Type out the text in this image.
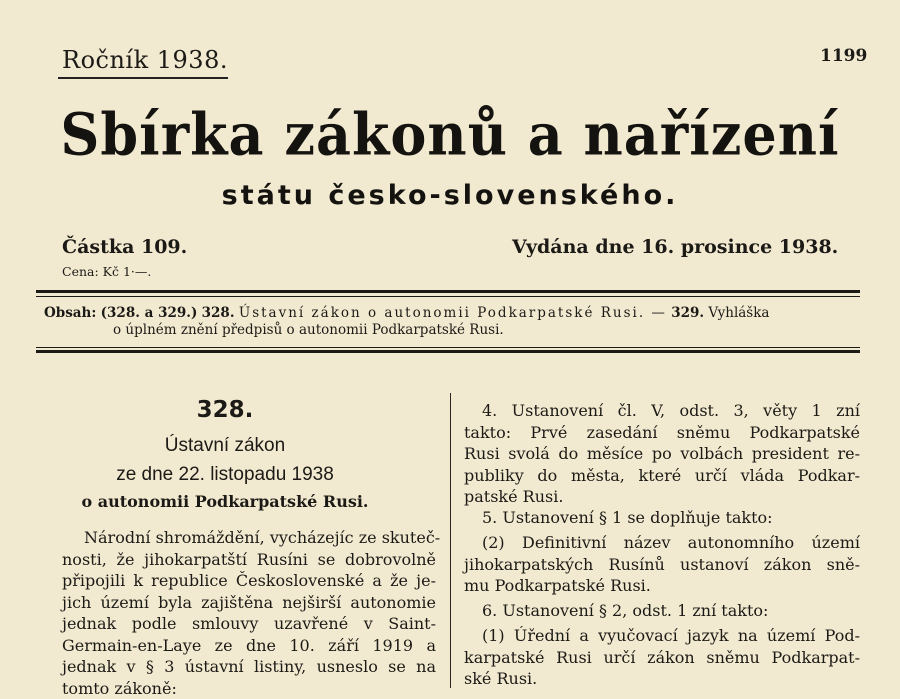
Ročník 1938.	1199
Sbírka zákonů a nařízení
státu česko-slovenského.
Částka 109.
Cena: Kč 1·—.
Vydána dne 16. prosince 1938.
Obsah: (328. a 329.) 328. Ústavní zákon o autonomii Podkarpatské Rusi. — 329. Vyhláška
o úplném znění předpisů o autonomii Podkarpatské Rusi.
328.
Ústavní zákon
ze dne 22. listopadu 1938
o autonomii Podkarpatské Rusi.
Národní shromáždění, vycházejíc ze skuteč-
nosti, že jihokarpatští Rusíni se dobrovolně
připojili k republice Československé a že je-
jich území byla zajištěna nejširší autonomie
jednak podle smlouvy uzavřené v Saint-
Germain-en-Laye ze dne 10. září 1919 a
jednak v § 3 ústavní listiny, usneslo se na
tomto zákoně:
4. Ustanovení čl. V, odst. 3, věty 1 zní
takto: Prvé zasedání sněmu Podkarpatské
Rusi svolá do měsíce po volbách president re-
publiky do města, které určí vláda Podkar-
patské Rusi.
5. Ustanovení § 1 se doplňuje takto:
(2) Definitivní název autonomního území
jihokarpatských Rusínů ustanoví zákon sně-
mu Podkarpatské Rusi.
6. Ustanovení § 2, odst. 1 zní takto:
(1) Úřední a vyučovací jazyk na území Pod-
karpatské Rusi určí zákon sněmu Podkarpat-
ské Rusi.
